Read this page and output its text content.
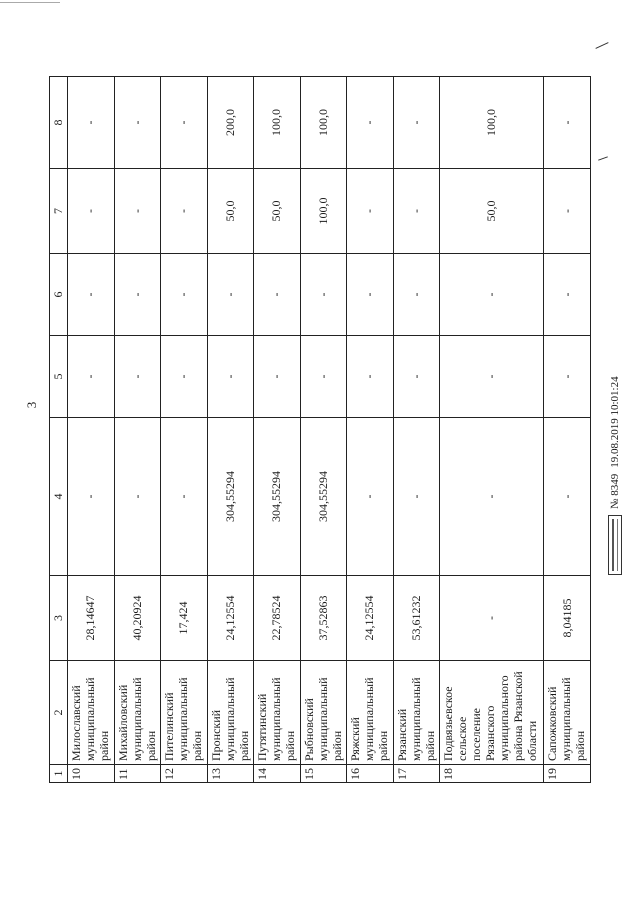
3
1	2	3	4	5	6	7	8
10	Милославский муниципальный район	28,14647	-	-	-	-	-
11	Михайловский муниципальный район	40,20924	-	-	-	-	-
12	Пителинский муниципальный район	17,424	-	-	-	-	-
13	Пронский муниципальный район	24,12554	304,55294	-	-	50,0	200,0
14	Путятинский муниципальный район	22,78524	304,55294	-	-	50,0	100,0
15	Рыбновский муниципальный район	37,52863	304,55294	-	-	100,0	100,0
16	Ряжский муниципальный район	24,12554	-	-	-	-	-
17	Рязанский муниципальный район	53,61232	-	-	-	-	-
18	Подвязьевское сельское поселение Рязанского муниципального района Рязанской области	-	-	-	-	50,0	100,0
19	Сапожковский муниципальный район	8,04185	-	-	-	-	-
№ 8349
19.08.2019 10:01:24
